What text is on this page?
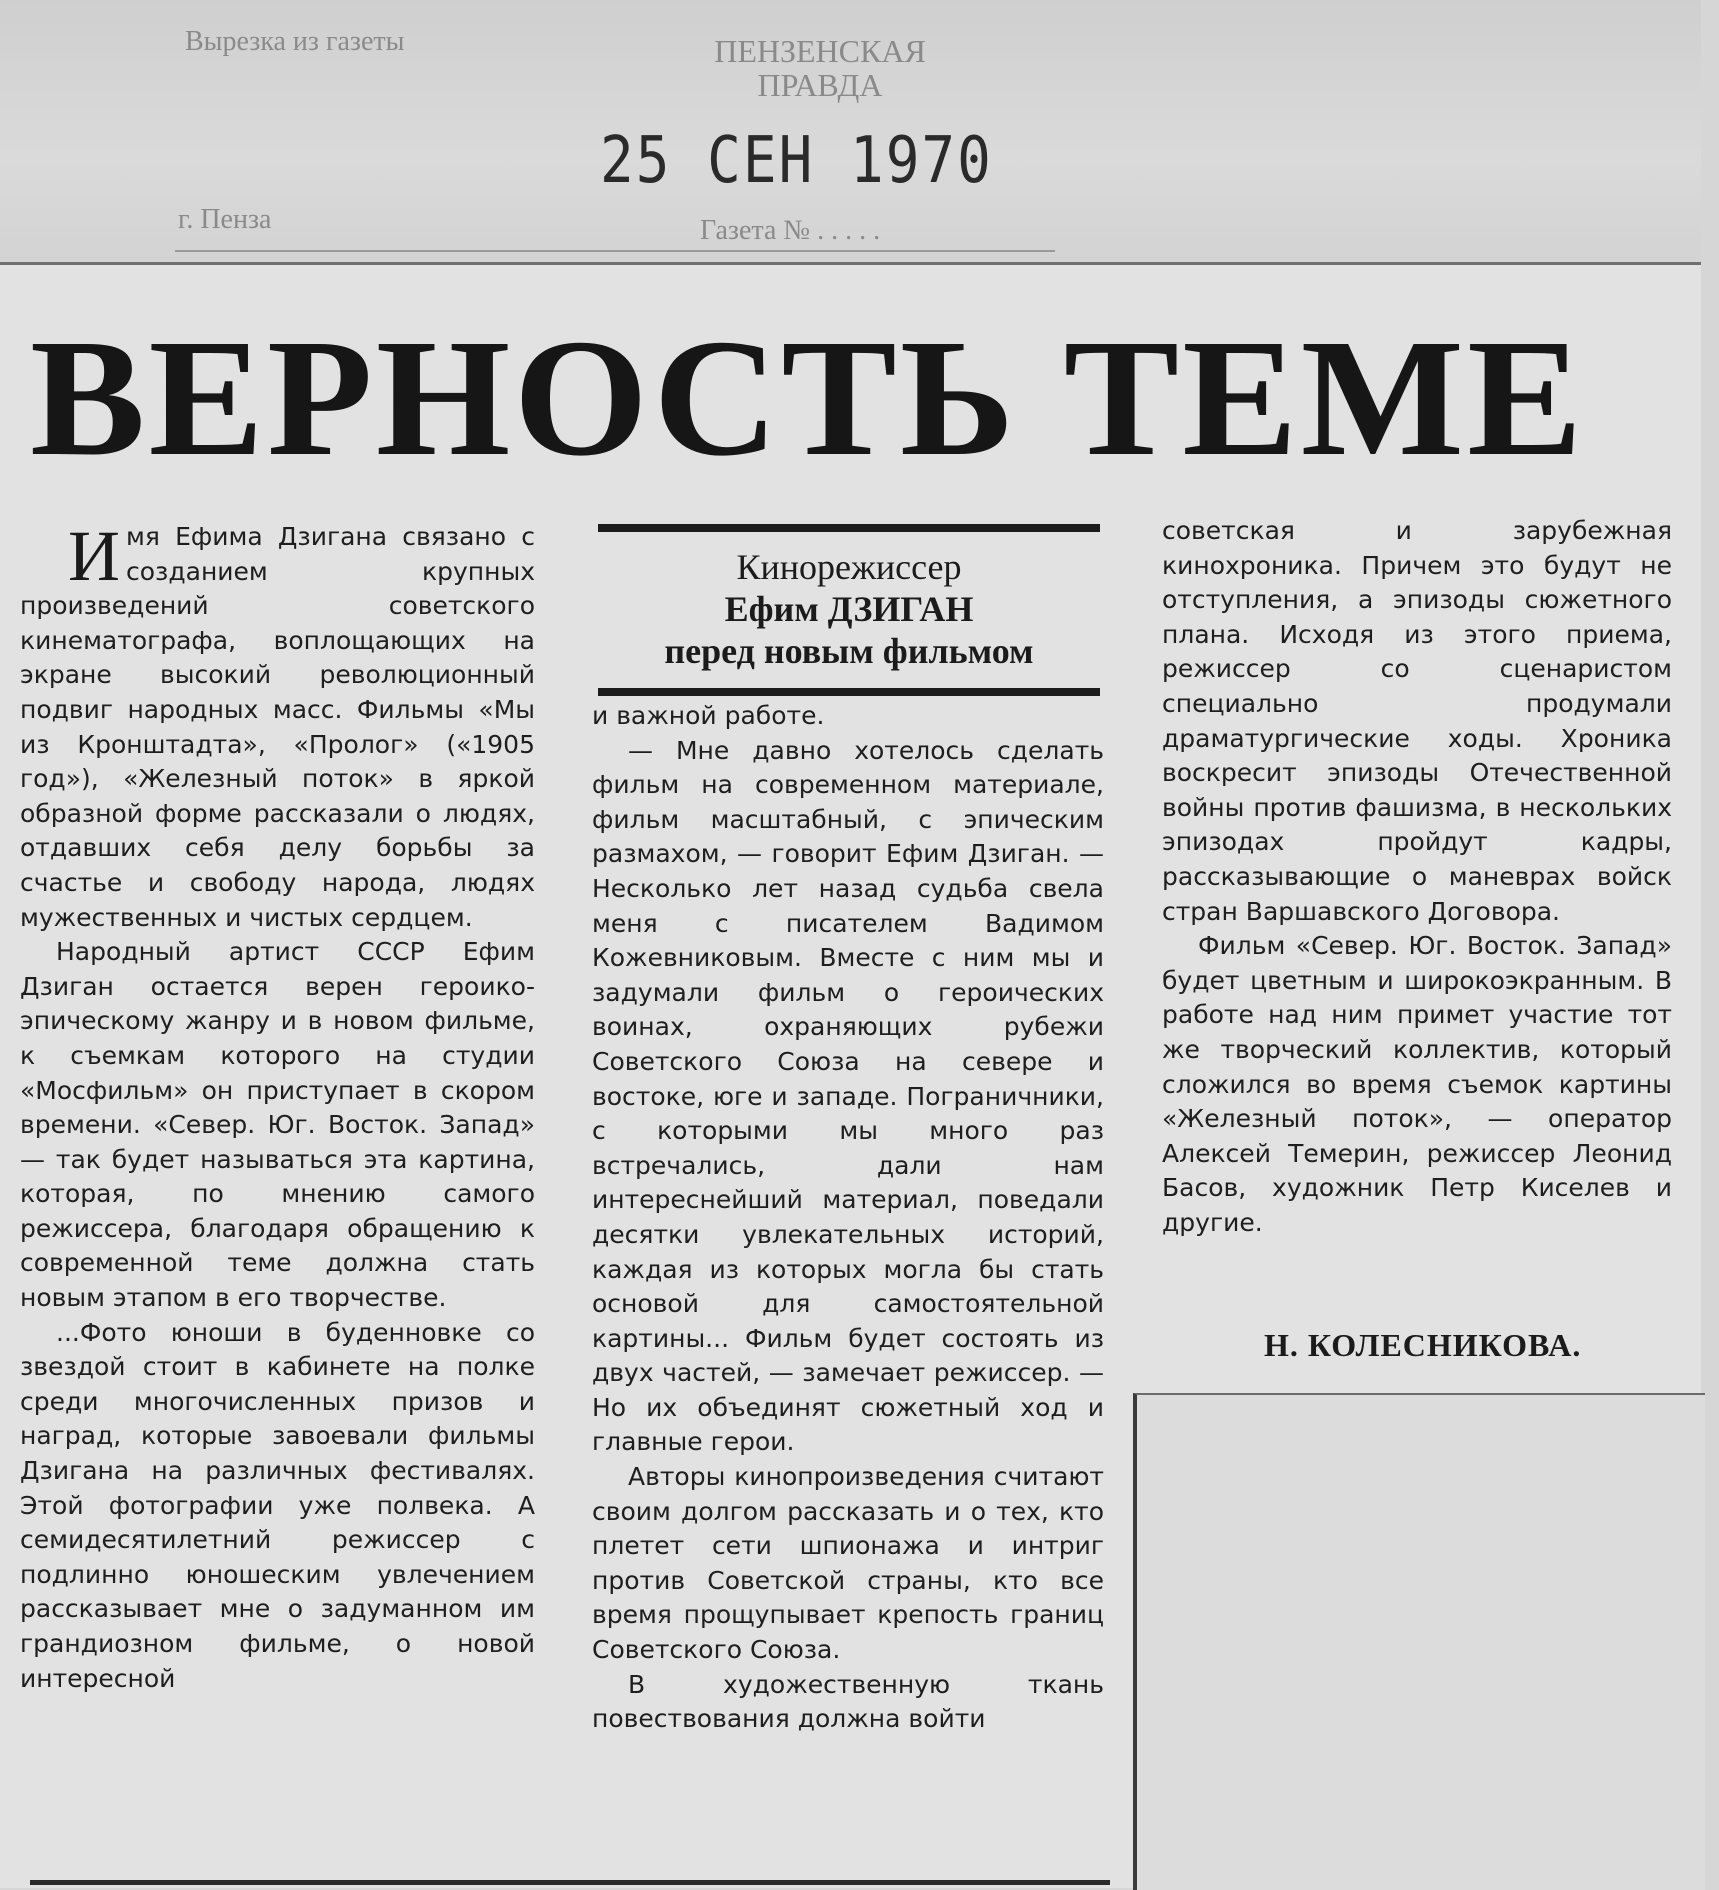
Вырезка из газеты	ПЕНЗЕНСКАЯ
ПРАВДА
25 СЕН 1970
г. Пенза	Газета № . . . . .
ВЕРНОСТЬ ТЕМЕ

Имя Ефима Дзигана связано с созданием крупных произведений советского кинематографа, воплощающих на экране высокий революционный подвиг народных масс. Фильмы «Мы из Кронштадта», «Пролог» («1905 год»), «Железный поток» в яркой образной форме рассказали о людях, отдавших себя делу борьбы за счастье и свободу народа, людях мужественных и чистых сердцем.

Народный артист СССР Ефим Дзиган остается верен героико-эпическому жанру и в новом фильме, к съемкам которого на студии «Мосфильм» он приступает в скором времени. «Север. Юг. Восток. Запад» — так будет называться эта картина, которая, по мнению самого режиссера, благодаря обращению к современной теме должна стать новым этапом в его творчестве.

...Фото юноши в буденновке со звездой стоит в кабинете на полке среди многочисленных призов и наград, которые завоевали фильмы Дзигана на различных фестивалях. Этой фотографии уже полвека. А семидесятилетний режиссер с подлинно юношеским увлечением рассказывает мне о задуманном им грандиозном фильме, о новой интересной

Кинорежиссер
Ефим ДЗИГАН
перед новым фильмом

и важной работе.

— Мне давно хотелось сделать фильм на современном материале, фильм масштабный, с эпическим размахом, — говорит Ефим Дзиган. — Несколько лет назад судьба свела меня с писателем Вадимом Кожевниковым. Вместе с ним мы и задумали фильм о героических воинах, охраняющих рубежи Советского Союза на севере и востоке, юге и западе. Пограничники, с которыми мы много раз встречались, дали нам интереснейший материал, поведали десятки увлекательных историй, каждая из которых могла бы стать основой для самостоятельной картины... Фильм будет состоять из двух частей, — замечает режиссер. — Но их объединят сюжетный ход и главные герои.

Авторы кинопроизведения считают своим долгом рассказать и о тех, кто плетет сети шпионажа и интриг против Советской страны, кто все время прощупывает крепость границ Советского Союза.

В художественную ткань повествования должна войти

советская и зарубежная кинохроника. Причем это будут не отступления, а эпизоды сюжетного плана. Исходя из этого приема, режиссер со сценаристом специально продумали драматургические ходы. Хроника воскресит эпизоды Отечественной войны против фашизма, в нескольких эпизодах пройдут кадры, рассказывающие о маневрах войск стран Варшавского Договора.

Фильм «Север. Юг. Восток. Запад» будет цветным и широкоэкранным. В работе над ним примет участие тот же творческий коллектив, который сложился во время съемок картины «Железный поток», — оператор Алексей Темерин, режиссер Леонид Басов, художник Петр Киселев и другие.

Н. КОЛЕСНИКОВА.
